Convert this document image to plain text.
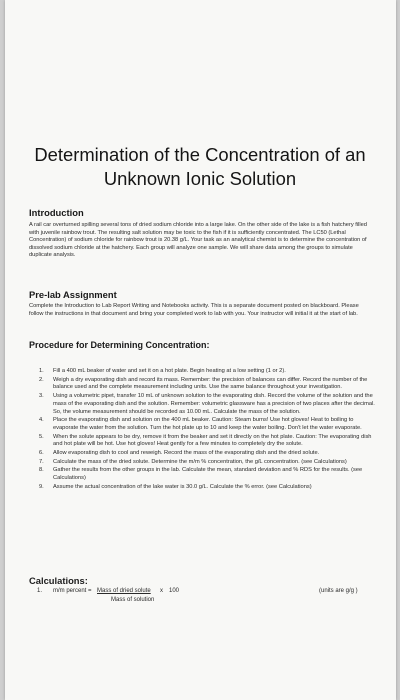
Determination of the Concentration of an
Unknown Ionic Solution
Introduction
A rail car overturned spilling several tons of dried sodium chloride into a large lake. On the other side of the lake is a fish hatchery filled with juvenile rainbow trout. The resulting salt solution may be toxic to the fish if it is sufficiently concentrated. The LC50 (Lethal Concentration) of sodium chloride for rainbow trout is 20.38 g/L. Your task as an analytical chemist is to determine the concentration of dissolved sodium chloride at the hatchery. Each group will analyze one sample. We will share data among the groups to simulate duplicate analysis.
Pre-lab Assignment
Complete the Introduction to Lab Report Writing and Notebooks activity. This is a separate document posted on blackboard. Please follow the instructions in that document and bring your completed work to lab with you. Your instructor will initial it at the start of lab.
Procedure for Determining Concentration:
1. Fill a 400 mL beaker of water and set it on a hot plate. Begin heating at a low setting (1 or 2).
2. Weigh a dry evaporating dish and record its mass. Remember: the precision of balances can differ. Record the number of the balance used and the complete measurement including units. Use the same balance throughout your investigation.
3. Using a volumetric pipet, transfer 10 mL of unknown solution to the evaporating dish. Record the volume of the solution and the mass of the evaporating dish and the solution. Remember: volumetric glassware has a precision of two places after the decimal. So, the volume measurement should be recorded as 10.00 mL. Calculate the mass of the solution.
4. Place the evaporating dish and solution on the 400 mL beaker. Caution: Steam burns! Use hot gloves! Heat to boiling to evaporate the water from the solution. Turn the hot plate up to 10 and keep the water boiling. Don't let the water evaporate.
5. When the solute appears to be dry, remove it from the beaker and set it directly on the hot plate. Caution: The evaporating dish and hot plate will be hot. Use hot gloves! Heat gently for a few minutes to completely dry the solute.
6. Allow evaporating dish to cool and reweigh. Record the mass of the evaporating dish and the dried solute.
7. Calculate the mass of the dried solute. Determine the m/m % concentration, the g/L concentration. (see Calculations)
8. Gather the results from the other groups in the lab. Calculate the mean, standard deviation and % RDS for the results. (see Calculations)
9. Assume the actual concentration of the lake water is 30.0 g/L. Calculate the % error. (see Calculations)
Calculations:
1. m/m percent = Mass of dried solute x 100
Mass of solution
(units are g/g )
